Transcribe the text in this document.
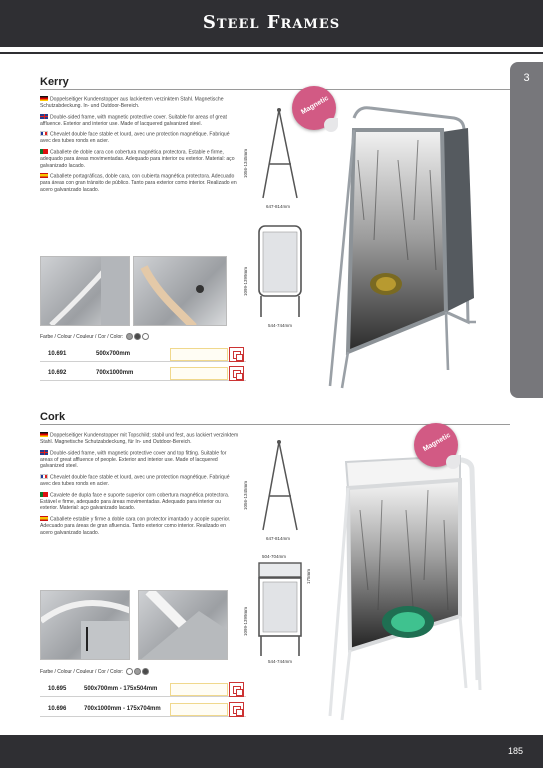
Steel Frames
3
Kerry
Doppelseitiger Kundenstopper aus lackiertem verzinktem Stahl. Magnetische Schutzabdeckung. In- und Outdoor-Bereich.
Double-sided frame, with magnetic protective cover. Suitable for areas of great affluence. Exterior and interior use. Made of lacquered galvanized steel.
Chevalet double face stable et lourd, avec une protection magnétique. Fabriqué avec des tubes ronds en acier.
Caballete de doble cara con cobertura magnética protectora. Estable e firme, adequado para áreas movimentadas. Adequado para interior ou exterior. Material: aço galvanizado lacado.
Caballete portagráficas, doble cara, con cubierta magnética protectora. Adecuado para áreas con gran tránsito de público. Tanto para exterior como interior. Realizado en acero galvanizado lacado.
1056-1345mm
647-814mm
1099-1399mm
544-744mm
Magnetic
Farbe / Colour / Couleur / Cor / Color:
10.691	500x700mm
10.692	700x1000mm
Cork
Doppelseitiger Kundenstopper mit Topschild; stabil und fest, aus lackiert verzinktem Stahl. Magnetische Schutzabdeckung, für In- und Outdoor-Bereich.
Double-sided frame, with magnetic protective cover and top fitting. Suitable for areas of great affluence of people. Exterior and interior use. Made of lacquered galvanized steel.
Chevalet double face stable et lourd, avec une protection magnétique. Fabriqué avec des tubes ronds en acier.
Cavalete de dupla face e suporte superior com cobertura magnética protectora. Estável e firme, adequado para áreas movimentadas. Adequado para interior ou exterior. Material: aço galvanizado lacado.
Caballete estable y firme a doble cara con protector imantado y acople superior. Adecuado para áreas de gran afluencia. Tanto exterior como interior. Realizado en acero galvanizado lacado.
1056-1345mm
647-814mm
504-704mm
175mm
1099-1399mm
544-744mm
Magnetic
Farbe / Colour / Couleur / Cor / Color:
10.695	500x700mm - 175x504mm
10.696	700x1000mm - 175x704mm
185
